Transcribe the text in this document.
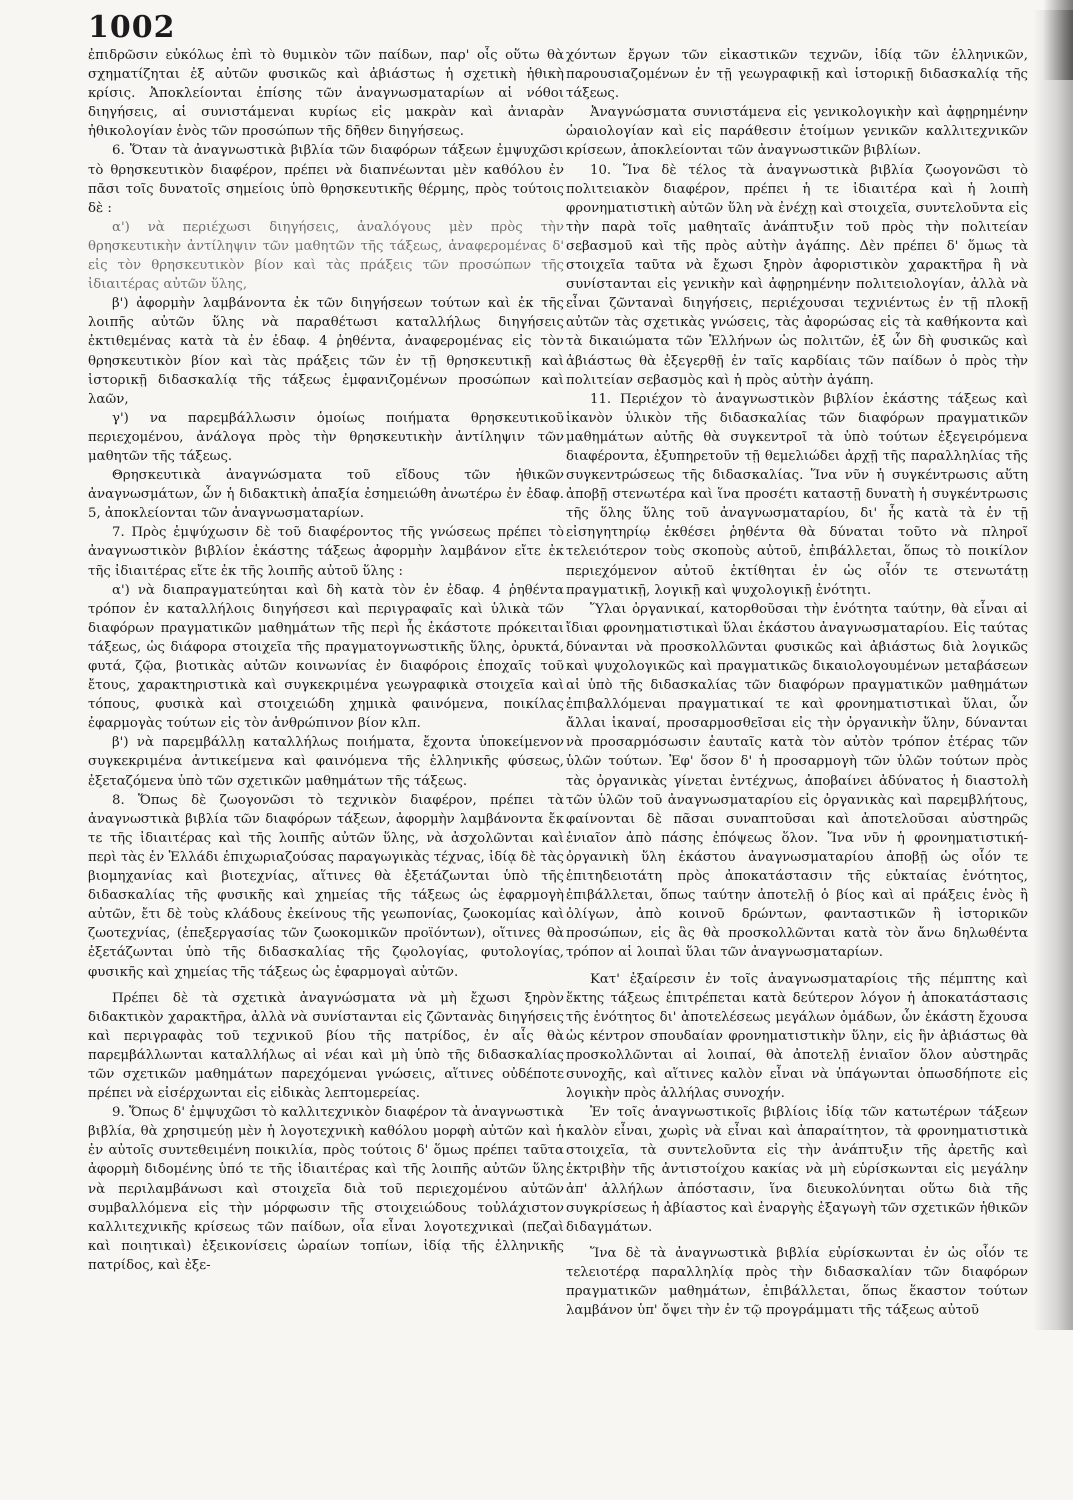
1002

ἐπιδρῶσιν εὐκόλως ἐπὶ τὸ θυμικὸν τῶν παίδων, παρ' οἷς οὕτω θὰ σχηματίζηται ἐξ αὐτῶν φυσικῶς καὶ ἀβιάστως ἡ σχετικὴ ἠθικὴ κρίσις. Ἀποκλείονται ἐπίσης τῶν ἀναγνωσματαρίων αἱ νόθοι διηγήσεις, αἱ συνιστάμεναι κυρίως εἰς μακρὰν καὶ ἀνιαρὰν ἠθικολογίαν ἑνὸς τῶν προσώπων τῆς δῆθεν διηγήσεως.

6. Ὅταν τὰ ἀναγνωστικὰ βιβλία τῶν διαφόρων τάξεων ἐμψυχῶσι τὸ θρησκευτικὸν διαφέρον, πρέπει νὰ διαπνέωνται μὲν καθόλου ἐν πᾶσι τοῖς δυνατοῖς σημείοις ὑπὸ θρησκευτικῆς θέρμης, πρὸς τούτοις δὲ :

α') νὰ περιέχωσι διηγήσεις, ἀναλόγους μὲν πρὸς τὴν θρησκευτικὴν ἀντίληψιν τῶν μαθητῶν τῆς τάξεως, ἀναφερομένας δ' εἰς τὸν θρησκευτικὸν βίον καὶ τὰς πράξεις τῶν προσώπων τῆς ἰδιαιτέρας αὐτῶν ὕλης,

β') ἀφορμὴν λαμβάνοντα ἐκ τῶν διηγήσεων τούτων καὶ ἐκ τῆς λοιπῆς αὐτῶν ὕλης νὰ παραθέτωσι καταλλήλως διηγήσεις ἐκτιθεμένας κατὰ τὰ ἐν ἐδαφ. 4 ῥηθέντα, ἀναφερομένας εἰς τὸν θρησκευτικὸν βίον καὶ τὰς πράξεις τῶν ἐν τῇ θρησκευτικῇ καὶ ἱστορικῇ διδασκαλίᾳ τῆς τάξεως ἐμφανιζομένων προσώπων καὶ λαῶν,

γ') να παρεμβάλλωσιν ὁμοίως ποιήματα θρησκευτικοῦ περιεχομένου, ἀνάλογα πρὸς τὴν θρησκευτικὴν ἀντίληψιν τῶν μαθητῶν τῆς τάξεως.

Θρησκευτικὰ ἀναγνώσματα τοῦ εἴδους τῶν ἠθικῶν ἀναγνωσμάτων, ὧν ἡ διδακτικὴ ἀπαξία ἐσημειώθη ἀνωτέρω ἐν ἐδαφ. 5, ἀποκλείονται τῶν ἀναγνωσματαρίων.

7. Πρὸς ἐμψύχωσιν δὲ τοῦ διαφέροντος τῆς γνώσεως πρέπει τὸ ἀναγνωστικὸν βιβλίον ἑκάστης τάξεως ἀφορμὴν λαμβάνον εἴτε ἐκ τῆς ἰδιαιτέρας εἴτε ἐκ τῆς λοιπῆς αὐτοῦ ὕλης :

α') νὰ διαπραγματεύηται καὶ δὴ κατὰ τὸν ἐν ἐδαφ. 4 ῥηθέντα τρόπον ἐν καταλλήλοις διηγήσεσι καὶ περιγραφαῖς καὶ ὑλικὰ τῶν διαφόρων πραγματικῶν μαθημάτων τῆς περὶ ἧς ἑκάστοτε πρόκειται τάξεως, ὡς διάφορα στοιχεῖα τῆς πραγματογνωστικῆς ὕλης, ὀρυκτά, φυτά, ζῷα, βιοτικὰς αὐτῶν κοινωνίας ἐν διαφόροις ἐποχαῖς τοῦ ἔτους, χαρακτηριστικὰ καὶ συγκεκριμένα γεωγραφικὰ στοιχεῖα καὶ τόπους, φυσικὰ καὶ στοιχειώδη χημικὰ φαινόμενα, ποικίλας ἐφαρμογὰς τούτων εἰς τὸν ἀνθρώπινον βίον κλπ.

β') νὰ παρεμβάλλῃ καταλλήλως ποιήματα, ἔχοντα ὑποκείμενον συγκεκριμένα ἀντικείμενα καὶ φαινόμενα τῆς ἑλληνικῆς φύσεως, ἐξεταζόμενα ὑπὸ τῶν σχετικῶν μαθημάτων τῆς τάξεως.

8. Ὅπως δὲ ζωογονῶσι τὸ τεχνικὸν διαφέρον, πρέπει τὰ ἀναγνωστικὰ βιβλία τῶν διαφόρων τάξεων, ἀφορμὴν λαμβάνοντα ἔκ τε τῆς ἰδιαιτέρας καὶ τῆς λοιπῆς αὐτῶν ὕλης, νὰ ἀσχολῶνται καὶ περὶ τὰς ἐν Ἑλλάδι ἐπιχωριαζούσας παραγωγικὰς τέχνας, ἰδίᾳ δὲ τὰς βιομηχανίας καὶ βιοτεχνίας, αἵτινες θὰ ἐξετάζωνται ὑπὸ τῆς διδασκαλίας τῆς φυσικῆς καὶ χημείας τῆς τάξεως ὡς ἐφαρμογὴ αὐτῶν, ἔτι δὲ τοὺς κλάδους ἐκείνους τῆς γεωπονίας, ζωοκομίας καὶ ζωοτεχνίας, (ἐπεξεργασίας τῶν ζωοκομικῶν προϊόντων), οἵτινες θὰ ἐξετάζωνται ὑπὸ τῆς διδασκαλίας τῆς ζῳολογίας, φυτολογίας, φυσικῆς καὶ χημείας τῆς τάξεως ὡς ἐφαρμογαὶ αὐτῶν.

Πρέπει δὲ τὰ σχετικὰ ἀναγνώσματα νὰ μὴ ἔχωσι ξηρὸν διδακτικὸν χαρακτῆρα, ἀλλὰ νὰ συνίστανται εἰς ζῶντανὰς διηγήσεις καὶ περιγραφὰς τοῦ τεχνικοῦ βίου τῆς πατρίδος, ἐν αἷς θὰ παρεμβάλλωνται καταλλήλως αἱ νέαι καὶ μὴ ὑπὸ τῆς διδασκαλίας τῶν σχετικῶν μαθημάτων παρεχόμεναι γνώσεις, αἵτινες οὐδέποτε πρέπει νὰ εἰσέρχωνται εἰς εἰδικὰς λεπτομερείας.

9. Ὅπως δ' ἐμψυχῶσι τὸ καλλιτεχνικὸν διαφέρον τὰ ἀναγνωστικὰ βιβλία, θὰ χρησιμεύῃ μὲν ἡ λογοτεχνικὴ καθόλου μορφὴ αὐτῶν καὶ ἡ ἐν αὐτοῖς συντεθειμένη ποικιλία, πρὸς τούτοις δ' ὅμως πρέπει ταῦτα ἀφορμὴ διδομένης ὑπό τε τῆς ἰδιαιτέρας καὶ τῆς λοιπῆς αὐτῶν ὕλης νὰ περιλαμβάνωσι καὶ στοιχεῖα διὰ τοῦ περιεχομένου αὐτῶν συμβαλλόμενα εἰς τὴν μόρφωσιν τῆς στοιχειώδους τοὐλάχιστον καλλιτεχνικῆς κρίσεως τῶν παίδων, οἷα εἶναι λογοτεχνικαὶ (πεζαὶ καὶ ποιητικαὶ) ἐξεικονίσεις ὡραίων τοπίων, ἰδίᾳ τῆς ἑλληνικῆς πατρίδος, καὶ ἐξε-

χόντων ἔργων τῶν εἰκαστικῶν τεχνῶν, ἰδίᾳ τῶν ἑλληνικῶν, παρουσιαζομένων ἐν τῇ γεωγραφικῇ καὶ ἱστορικῇ διδασκαλίᾳ τῆς τάξεως.

Ἀναγνώσματα συνιστάμενα εἰς γενικολογικὴν καὶ ἀφῃρημένην ὡραιολογίαν καὶ εἰς παράθεσιν ἑτοίμων γενικῶν καλλιτεχνικῶν κρίσεων, ἀποκλείονται τῶν ἀναγνωστικῶν βιβλίων.

10. Ἵνα δὲ τέλος τὰ ἀναγνωστικὰ βιβλία ζωογονῶσι τὸ πολιτειακὸν διαφέρον, πρέπει ἡ τε ἰδιαιτέρα καὶ ἡ λοιπὴ φρονηματιστικὴ αὐτῶν ὕλη νὰ ἐνέχῃ καὶ στοιχεῖα, συντελοῦντα εἰς τὴν παρὰ τοῖς μαθηταῖς ἀνάπτυξιν τοῦ πρὸς τὴν πολιτείαν σεβασμοῦ καὶ τῆς πρὸς αὐτὴν ἀγάπης. Δὲν πρέπει δ' ὅμως τὰ στοιχεῖα ταῦτα νὰ ἔχωσι ξηρὸν ἀφοριστικὸν χαρακτῆρα ἢ νὰ συνίστανται εἰς γενικὴν καὶ ἀφῃρημένην πολιτειολογίαν, ἀλλὰ νὰ εἶναι ζῶνταναὶ διηγήσεις, περιέχουσαι τεχνιέντως ἐν τῇ πλοκῇ αὐτῶν τὰς σχετικὰς γνώσεις, τὰς ἀφορώσας εἰς τὰ καθήκοντα καὶ τὰ δικαιώματα τῶν Ἑλλήνων ὡς πολιτῶν, ἐξ ὧν δὴ φυσικῶς καὶ ἀβιάστως θὰ ἐξεγερθῇ ἐν ταῖς καρδίαις τῶν παίδων ὁ πρὸς τὴν πολιτείαν σεβασμὸς καὶ ἡ πρὸς αὐτὴν ἀγάπη.

11. Περιέχον τὸ ἀναγνωστικὸν βιβλίον ἑκάστης τάξεως καὶ ἱκανὸν ὑλικὸν τῆς διδασκαλίας τῶν διαφόρων πραγματικῶν μαθημάτων αὐτῆς θὰ συγκεντροῖ τὰ ὑπὸ τούτων ἐξεγειρόμενα διαφέροντα, ἐξυπηρετοῦν τῇ θεμελιώδει ἀρχῇ τῆς παραλληλίας τῆς συγκεντρώσεως τῆς διδασκαλίας. Ἵνα νῦν ἡ συγκέντρωσις αὕτη ἀποβῇ στενωτέρα καὶ ἵνα προσέτι καταστῇ δυνατὴ ἡ συγκέντρωσις τῆς ὅλης ὕλης τοῦ ἀναγνωσματαρίου, δι' ἧς κατὰ τὰ ἐν τῇ εἰσηγητηρίῳ ἐκθέσει ῥηθέντα θὰ δύναται τοῦτο νὰ πληροῖ τελειότερον τοὺς σκοποὺς αὐτοῦ, ἐπιβάλλεται, ὅπως τὸ ποικίλον περιεχόμενον αὐτοῦ ἐκτίθηται ἐν ὡς οἷόν τε στενωτάτῃ πραγματικῇ, λογικῇ καὶ ψυχολογικῇ ἑνότητι.

Ὕλαι ὀργανικαί, κατορθοῦσαι τὴν ἑνότητα ταύτην, θὰ εἶναι αἱ ἴδιαι φρονηματιστικαὶ ὕλαι ἑκάστου ἀναγνωσματαρίου. Εἰς ταύτας δύνανται νὰ προσκολλῶνται φυσικῶς καὶ ἀβιάστως διὰ λογικῶς καὶ ψυχολογικῶς καὶ πραγματικῶς δικαιολογουμένων μεταβάσεων αἱ ὑπὸ τῆς διδασκαλίας τῶν διαφόρων πραγματικῶν μαθημάτων ἐπιβαλλόμεναι πραγματικαί τε καὶ φρονηματιστικαὶ ὕλαι, ὧν ἄλλαι ἱκαναί, προσαρμοσθεῖσαι εἰς τὴν ὀργανικὴν ὕλην, δύνανται νὰ προσαρμόσωσιν ἑαυταῖς κατὰ τὸν αὐτὸν τρόπον ἑτέρας τῶν ὑλῶν τούτων. Ἐφ' ὅσον δ' ἡ προσαρμογὴ τῶν ὑλῶν τούτων πρὸς τὰς ὀργανικὰς γίνεται ἐντέχνως, ἀποβαίνει ἀδύνατος ἡ διαστολὴ τῶν ὑλῶν τοῦ ἀναγνωσματαρίου εἰς ὀργανικὰς καὶ παρεμβλήτους, φαίνονται δὲ πᾶσαι συναπτοῦσαι καὶ ἀποτελοῦσαι αὐστηρῶς ἑνιαῖον ἀπὸ πάσης ἐπόψεως ὅλον. Ἵνα νῦν ἡ φρονηματιστική-ὀργανικὴ ὕλη ἑκάστου ἀναγνωσματαρίου ἀποβῇ ὡς οἷόν τε ἐπιτηδειοτάτη πρὸς ἀποκατάστασιν τῆς εὐκταίας ἑνότητος, ἐπιβάλλεται, ὅπως ταύτην ἀποτελῇ ὁ βίος καὶ αἱ πράξεις ἑνὸς ἢ ὀλίγων, ἀπὸ κοινοῦ δρώντων, φανταστικῶν ἢ ἱστορικῶν προσώπων, εἰς ἃς θὰ προσκολλῶνται κατὰ τὸν ἄνω δηλωθέντα τρόπον αἱ λοιπαὶ ὕλαι τῶν ἀναγνωσματαρίων.

Κατ' ἐξαίρεσιν ἐν τοῖς ἀναγνωσματαρίοις τῆς πέμπτης καὶ ἕκτης τάξεως ἐπιτρέπεται κατὰ δεύτερον λόγον ἡ ἀποκατάστασις τῆς ἑνότητος δι' ἀποτελέσεως μεγάλων ὁμάδων, ὧν ἑκάστη ἔχουσα ὡς κέντρον σπουδαίαν φρονηματιστικὴν ὕλην, εἰς ἣν ἀβιάστως θὰ προσκολλῶνται αἱ λοιπαί, θὰ ἀποτελῇ ἑνιαῖον ὅλον αὐστηρᾶς συνοχῆς, καὶ αἵτινες καλὸν εἶναι νὰ ὑπάγωνται ὁπωσδήποτε εἰς λογικὴν πρὸς ἀλλήλας συνοχήν.

Ἐν τοῖς ἀναγνωστικοῖς βιβλίοις ἰδίᾳ τῶν κατωτέρων τάξεων καλὸν εἶναι, χωρὶς νὰ εἶναι καὶ ἀπαραίτητον, τὰ φρονηματιστικὰ στοιχεῖα, τὰ συντελοῦντα εἰς τὴν ἀνάπτυξιν τῆς ἀρετῆς καὶ ἐκτριβὴν τῆς ἀντιστοίχου κακίας νὰ μὴ εὑρίσκωνται εἰς μεγάλην ἀπ' ἀλλήλων ἀπόστασιν, ἵνα διευκολύνηται οὕτω διὰ τῆς συγκρίσεως ἡ ἀβίαστος καὶ ἐναργὴς ἐξαγωγὴ τῶν σχετικῶν ἠθικῶν διδαγμάτων.

Ἵνα δὲ τὰ ἀναγνωστικὰ βιβλία εὑρίσκωνται ἐν ὡς οἷόν τε τελειοτέρᾳ παραλληλίᾳ πρὸς τὴν διδασκαλίαν τῶν διαφόρων πραγματικῶν μαθημάτων, ἐπιβάλλεται, ὅπως ἕκαστον τούτων λαμβάνον ὑπ' ὄψει τὴν ἐν τῷ προγράμματι τῆς τάξεως αὐτοῦ
